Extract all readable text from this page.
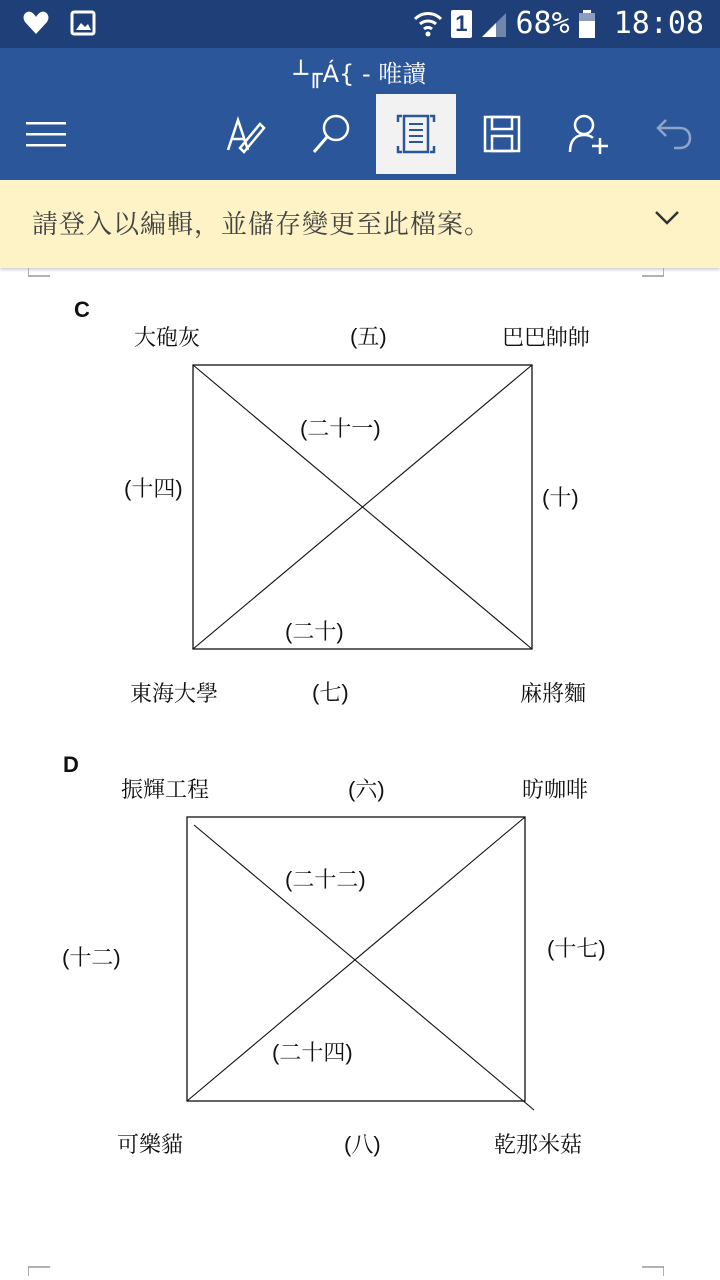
1 68% 18:08
┴╓Á{ - 唯讀
請登入以編輯，並儲存變更至此檔案。
C
大砲灰	(五)	巴巴帥帥
(二十一)
(十四)	(十)
(二十)
東海大學	(七)	麻將麵
D
振輝工程	(六)	昉咖啡
(二十二)
(十七)
(十二)
(二十四)
可樂貓	(八)	乾那米菇
